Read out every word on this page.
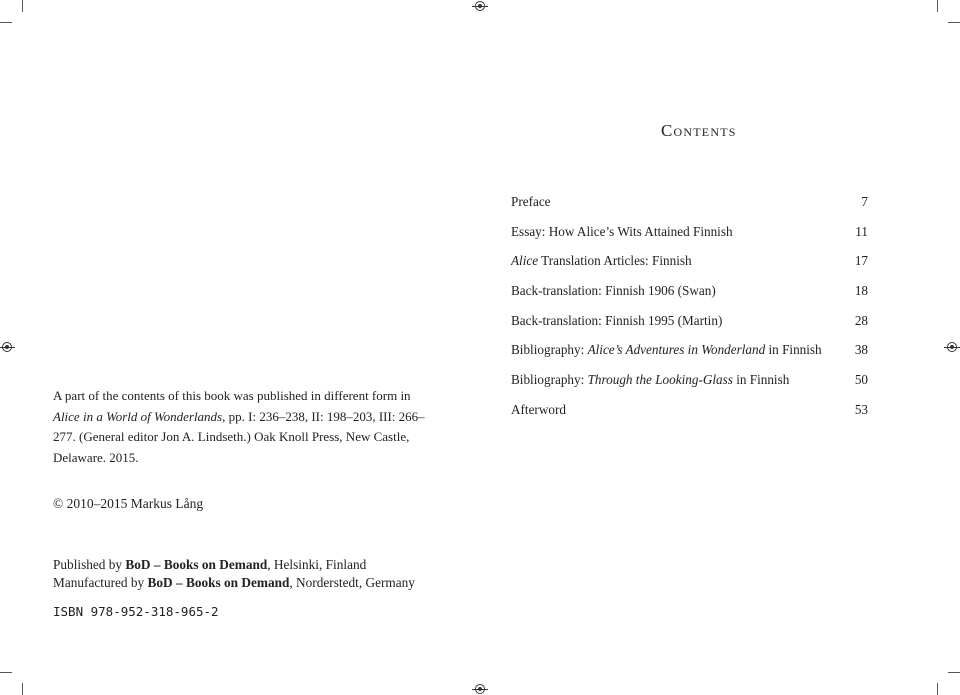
Contents
Preface	7
Essay: How Alice’s Wits Attained Finnish	11
Alice Translation Articles: Finnish	17
Back-translation: Finnish 1906 (Swan)	18
Back-translation: Finnish 1995 (Martin)	28
Bibliography: Alice’s Adventures in Wonderland in Finnish	38
Bibliography: Through the Looking-Glass in Finnish	50
Afterword	53
A part of the contents of this book was published in different form in Alice in a World of Wonderlands, pp. I: 236–238, II: 198–203, III: 266–277. (General editor Jon A. Lindseth.) Oak Knoll Press, New Castle, Delaware. 2015.
© 2010–2015 Markus Lång
Published by BoD – Books on Demand, Helsinki, Finland
Manufactured by BoD – Books on Demand, Norderstedt, Germany
ISBN 978-952-318-965-2
